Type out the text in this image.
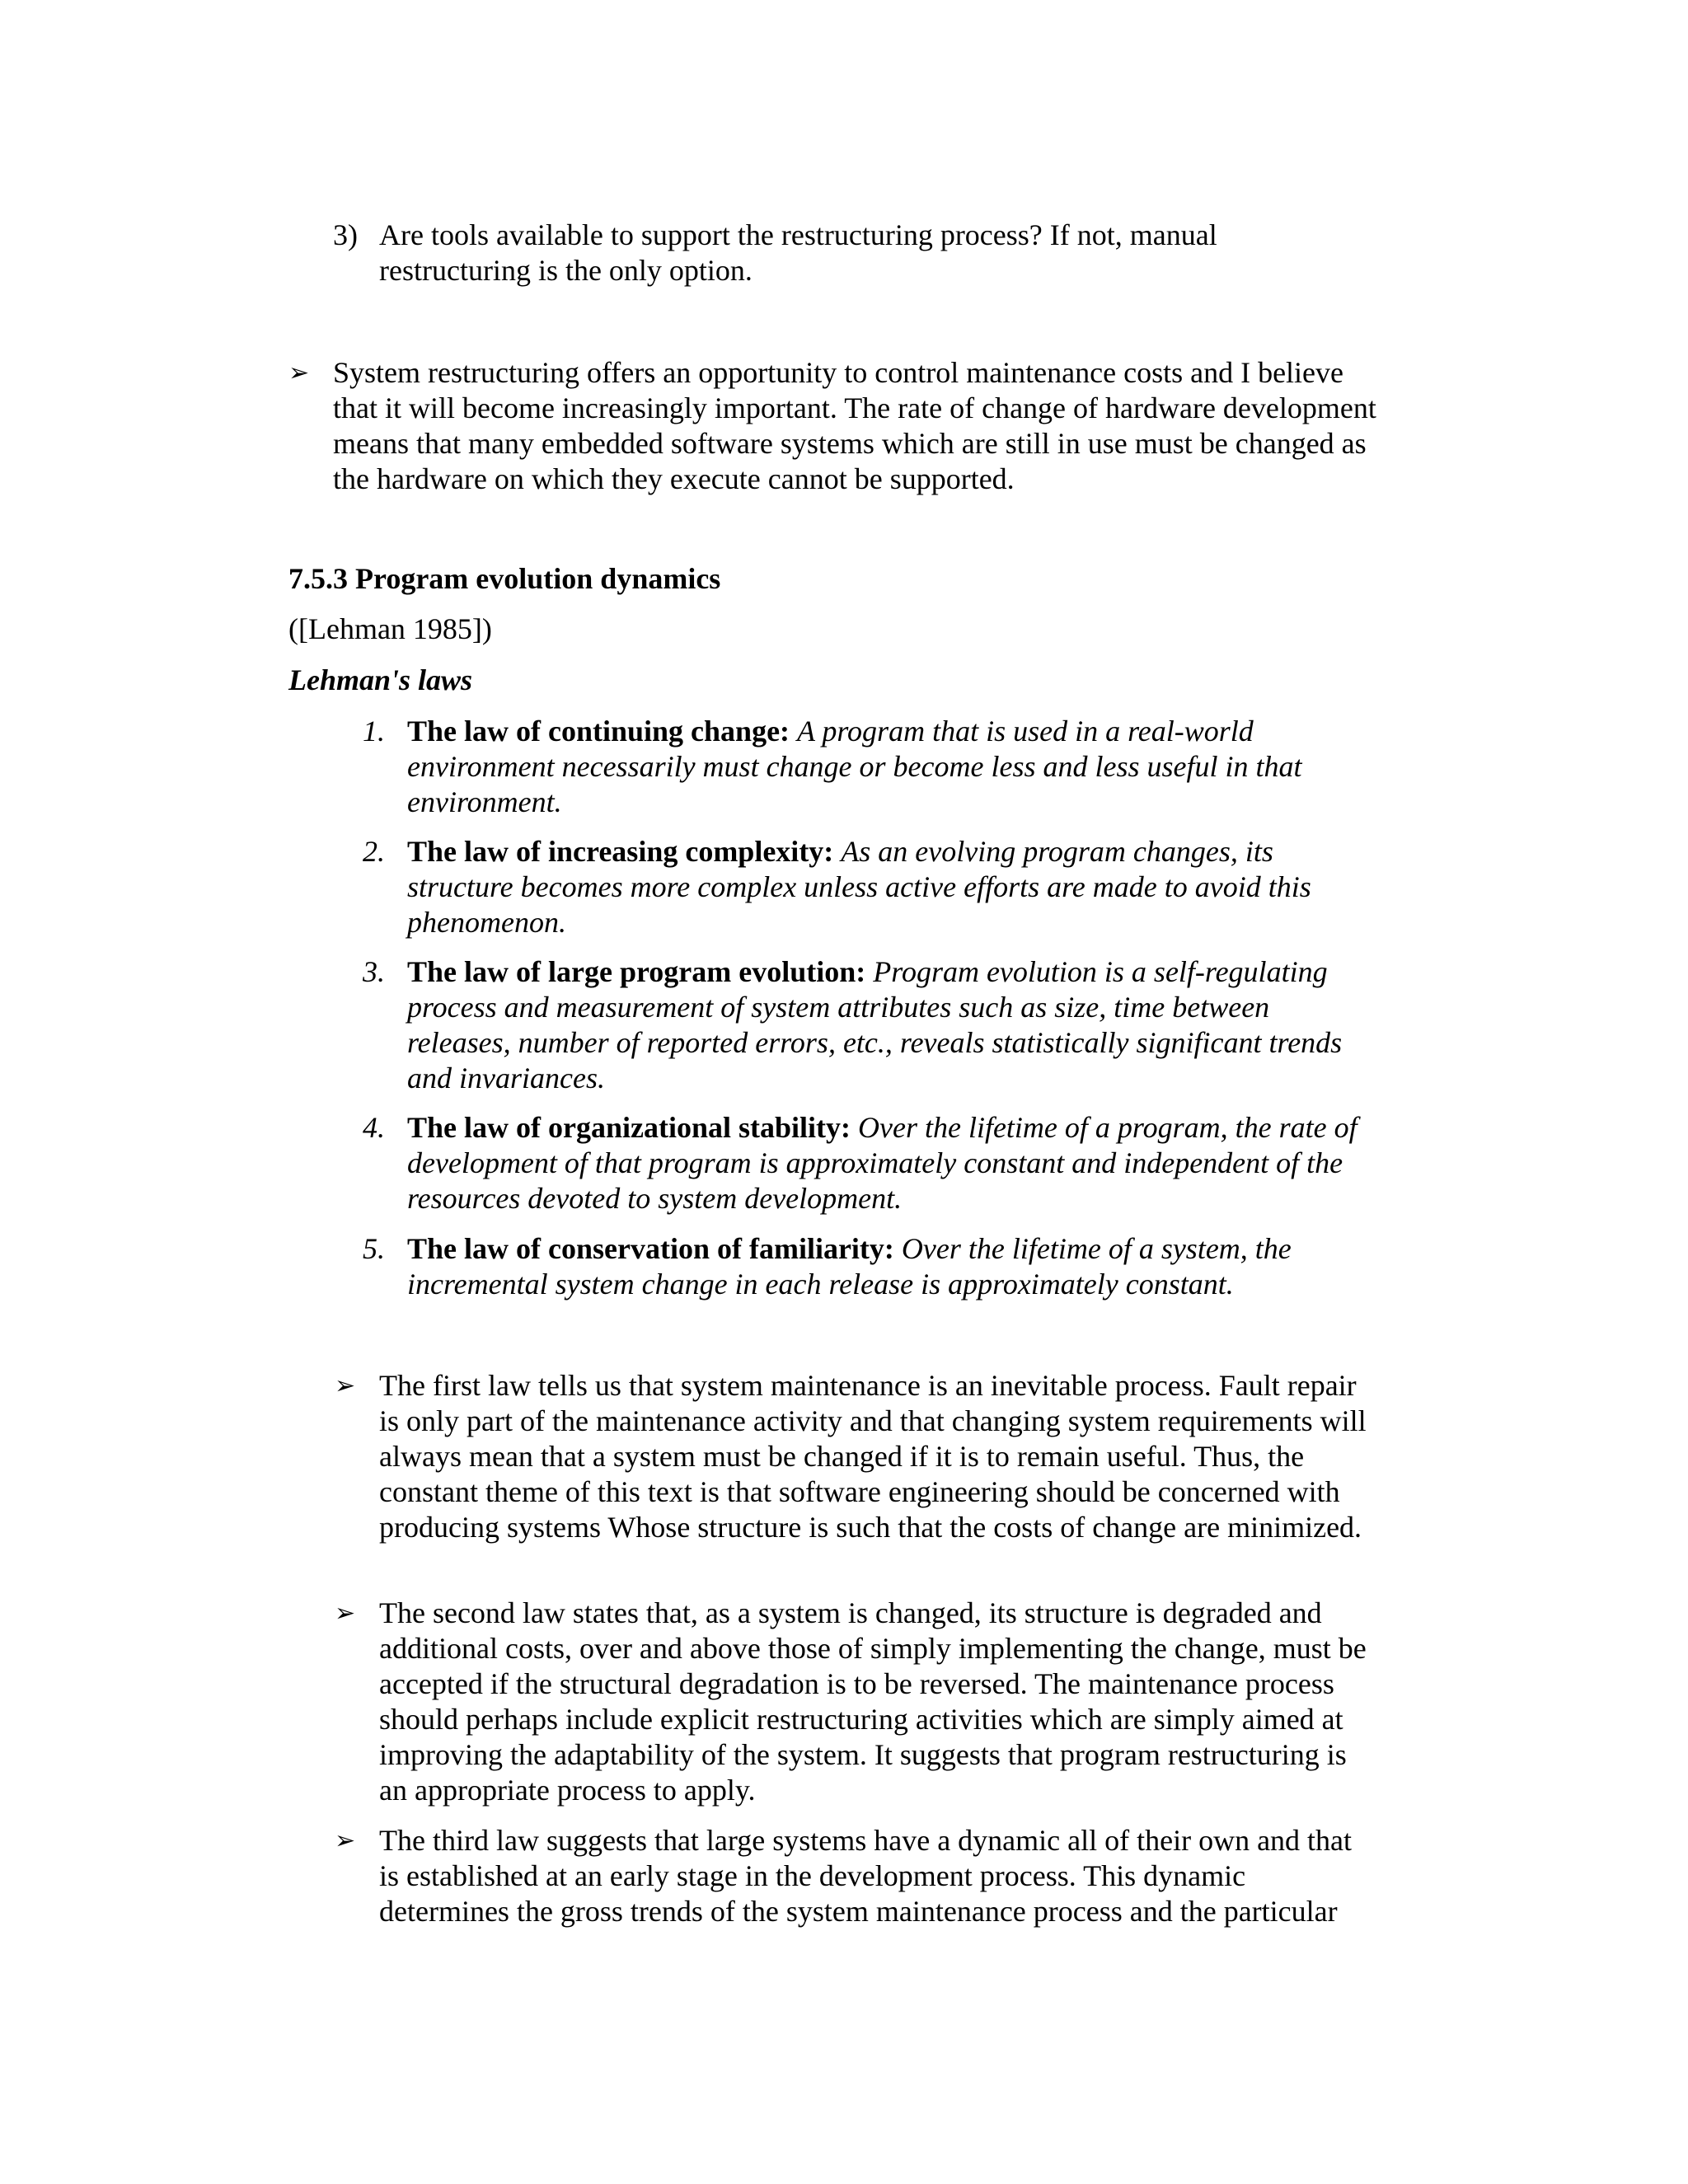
3) Are tools available to support the restructuring process? If not, manual restructuring is the only option.
➢ System restructuring offers an opportunity to control maintenance costs and I believe that it will become increasingly important. The rate of change of hardware development means that many embedded software systems which are still in use must be changed as the hardware on which they execute cannot be supported.
7.5.3 Program evolution dynamics
([Lehman 1985])
Lehman's laws
1. The law of continuing change: A program that is used in a real-world environment necessarily must change or become less and less useful in that environment.
2. The law of increasing complexity: As an evolving program changes, its structure becomes more complex unless active efforts are made to avoid this phenomenon.
3. The law of large program evolution: Program evolution is a self-regulating process and measurement of system attributes such as size, time between releases, number of reported errors, etc., reveals statistically significant trends and invariances.
4. The law of organizational stability: Over the lifetime of a program, the rate of development of that program is approximately constant and independent of the resources devoted to system development.
5. The law of conservation of familiarity: Over the lifetime of a system, the incremental system change in each release is approximately constant.
➢ The first law tells us that system maintenance is an inevitable process. Fault repair is only part of the maintenance activity and that changing system requirements will always mean that a system must be changed if it is to remain useful. Thus, the constant theme of this text is that software engineering should be concerned with producing systems Whose structure is such that the costs of change are minimized.
➢ The second law states that, as a system is changed, its structure is degraded and additional costs, over and above those of simply implementing the change, must be accepted if the structural degradation is to be reversed. The maintenance process should perhaps include explicit restructuring activities which are simply aimed at improving the adaptability of the system. It suggests that program restructuring is an appropriate process to apply.
➢ The third law suggests that large systems have a dynamic all of their own and that is established at an early stage in the development process. This dynamic determines the gross trends of the system maintenance process and the particular
